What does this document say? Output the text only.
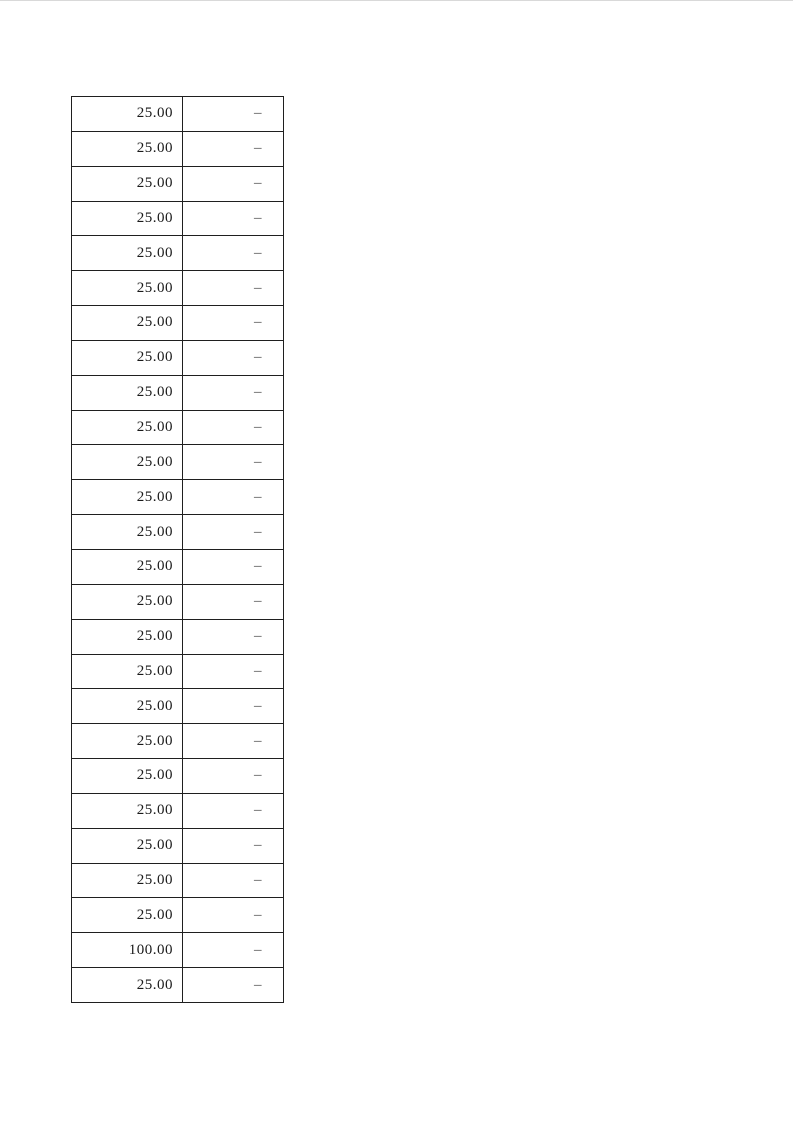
25.00	–
25.00	–
25.00	–
25.00	–
25.00	–
25.00	–
25.00	–
25.00	–
25.00	–
25.00	–
25.00	–
25.00	–
25.00	–
25.00	–
25.00	–
25.00	–
25.00	–
25.00	–
25.00	–
25.00	–
25.00	–
25.00	–
25.00	–
25.00	–
100.00	–
25.00	–
